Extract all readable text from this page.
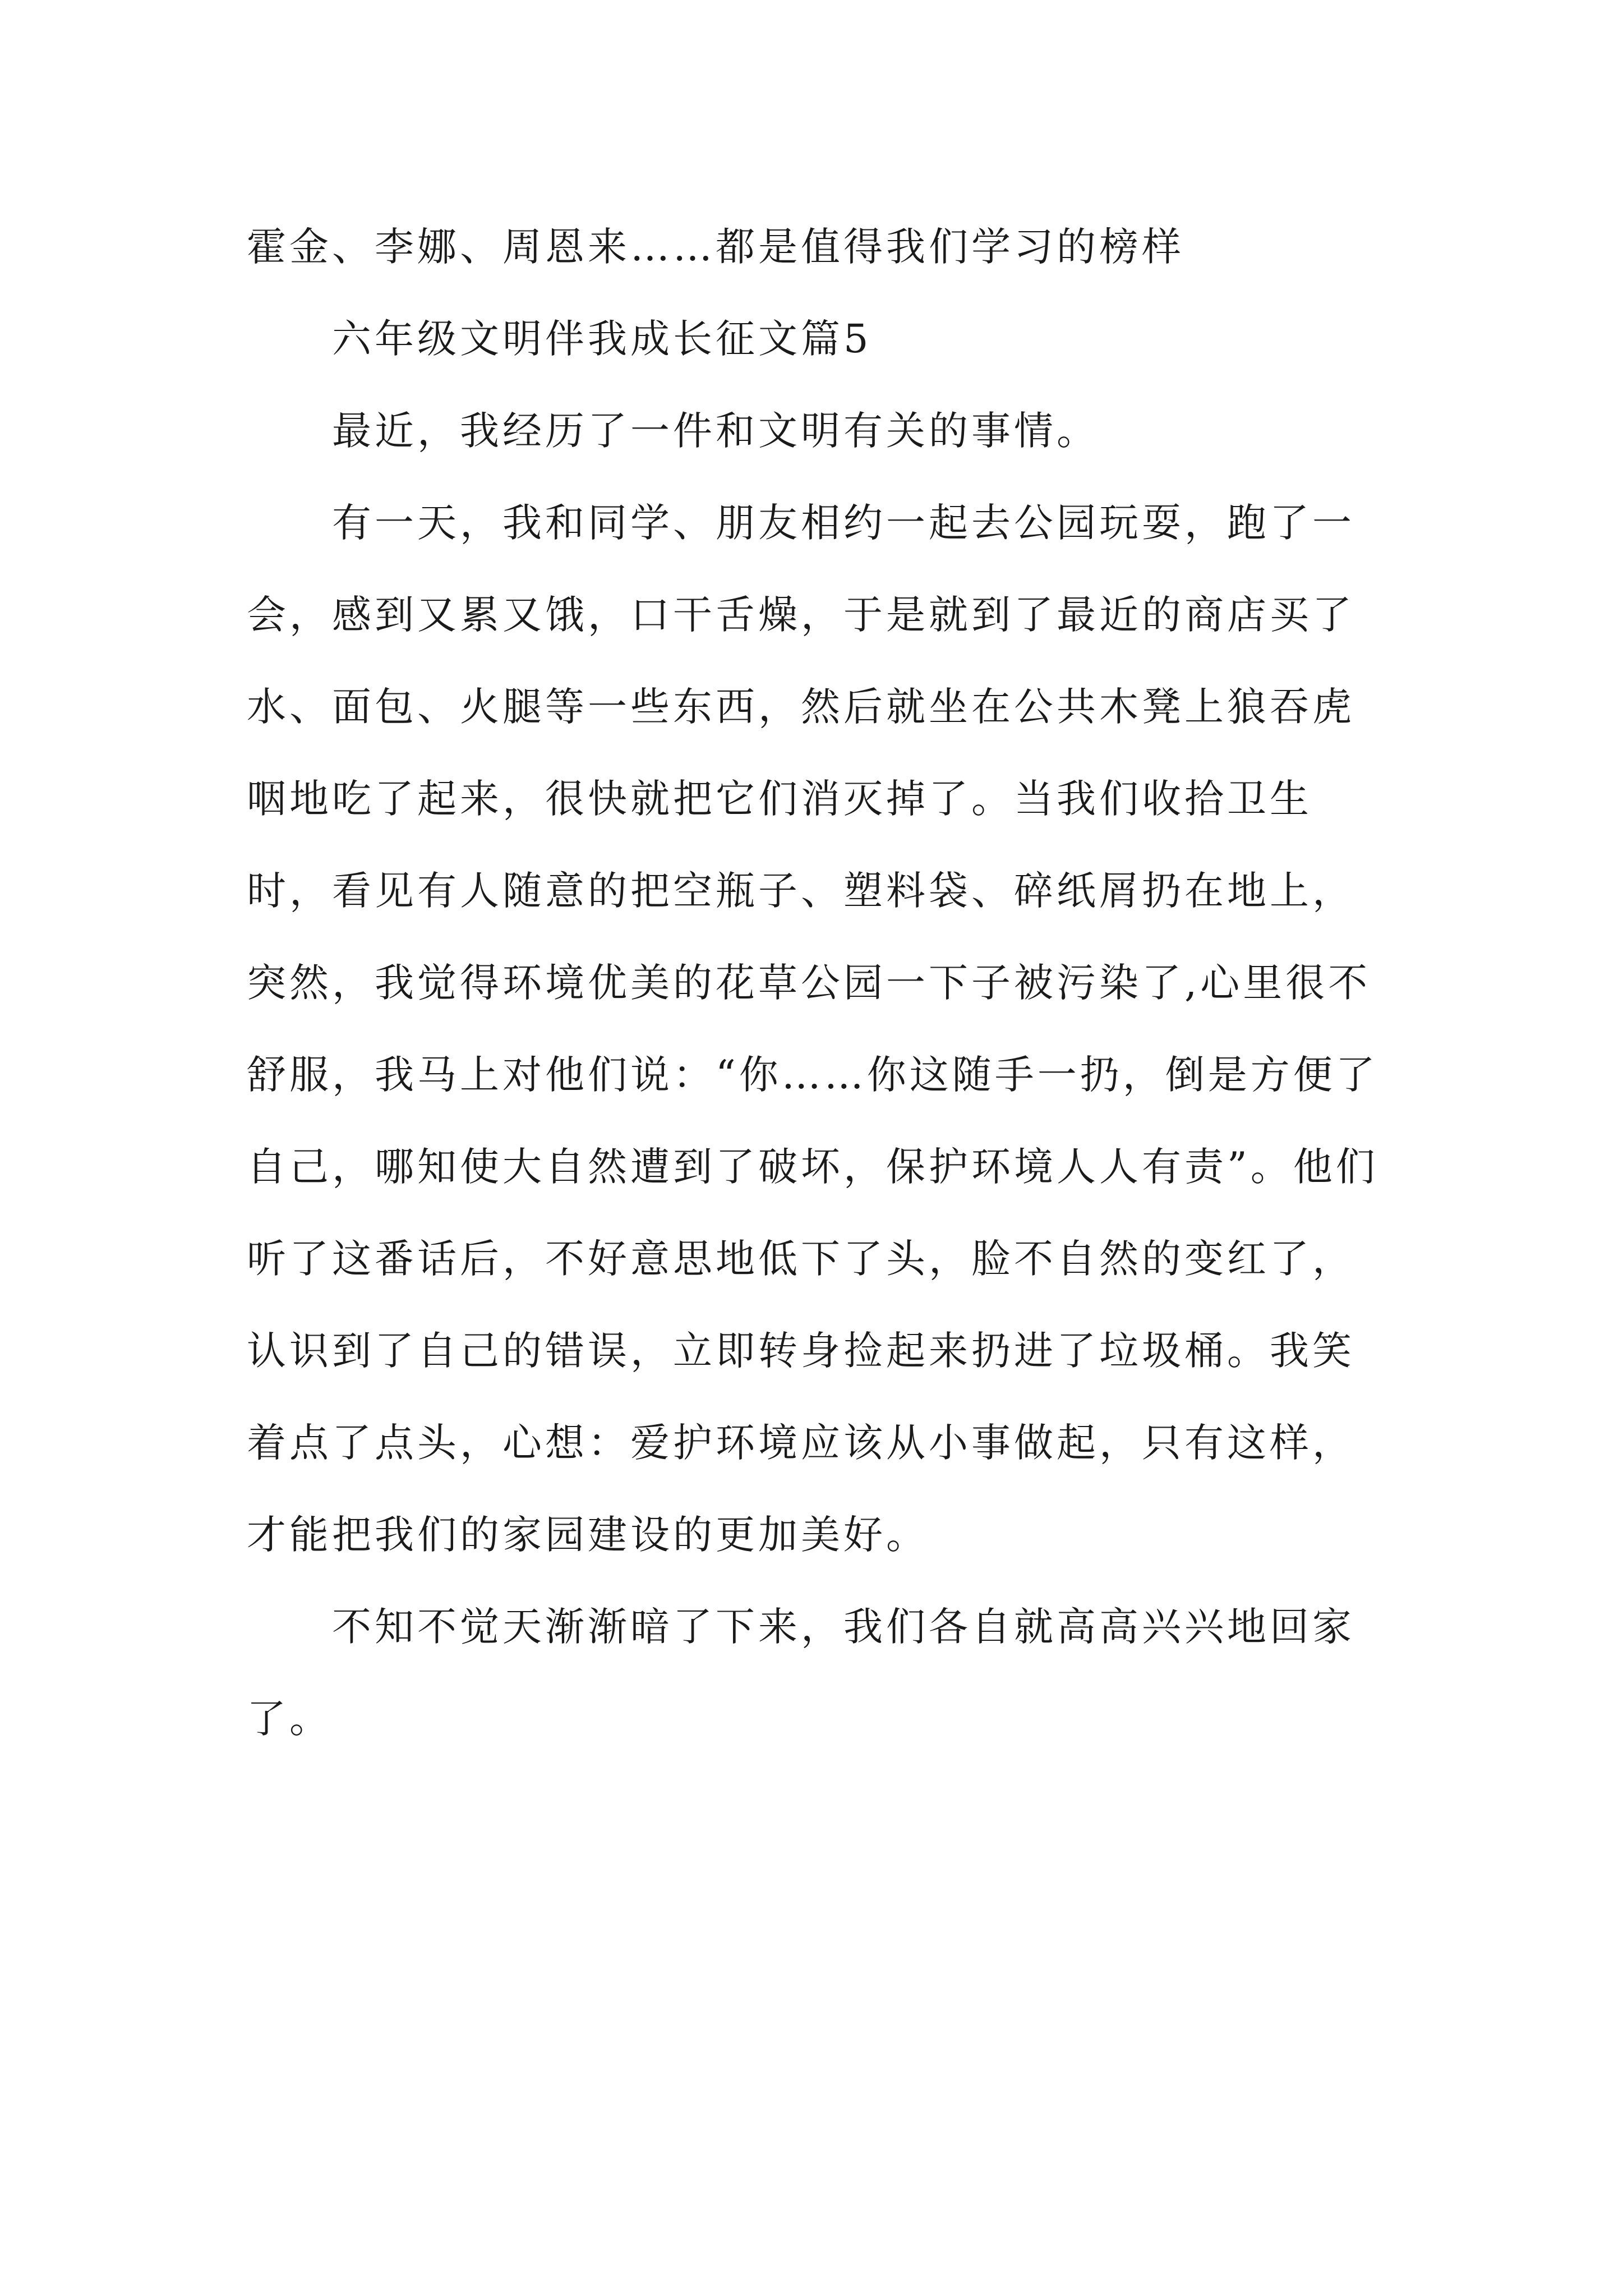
霍金、李娜、周恩来……都是值得我们学习的榜样

六年级文明伴我成长征文篇5

最近，我经历了一件和文明有关的事情。

有一天，我和同学、朋友相约一起去公园玩耍，跑了一会，感到又累又饿，口干舌燥，于是就到了最近的商店买了水、面包、火腿等一些东西，然后就坐在公共木凳上狼吞虎咽地吃了起来，很快就把它们消灭掉了。当我们收拾卫生时，看见有人随意的把空瓶子、塑料袋、碎纸屑扔在地上，突然，我觉得环境优美的花草公园一下子被污染了,心里很不舒服，我马上对他们说：“你……你这随手一扔，倒是方便了自己，哪知使大自然遭到了破坏，保护环境人人有责”。他们听了这番话后，不好意思地低下了头，脸不自然的变红了，认识到了自己的错误，立即转身捡起来扔进了垃圾桶。我笑着点了点头，心想：爱护环境应该从小事做起，只有这样，才能把我们的家园建设的更加美好。

不知不觉天渐渐暗了下来，我们各自就高高兴兴地回家了。
